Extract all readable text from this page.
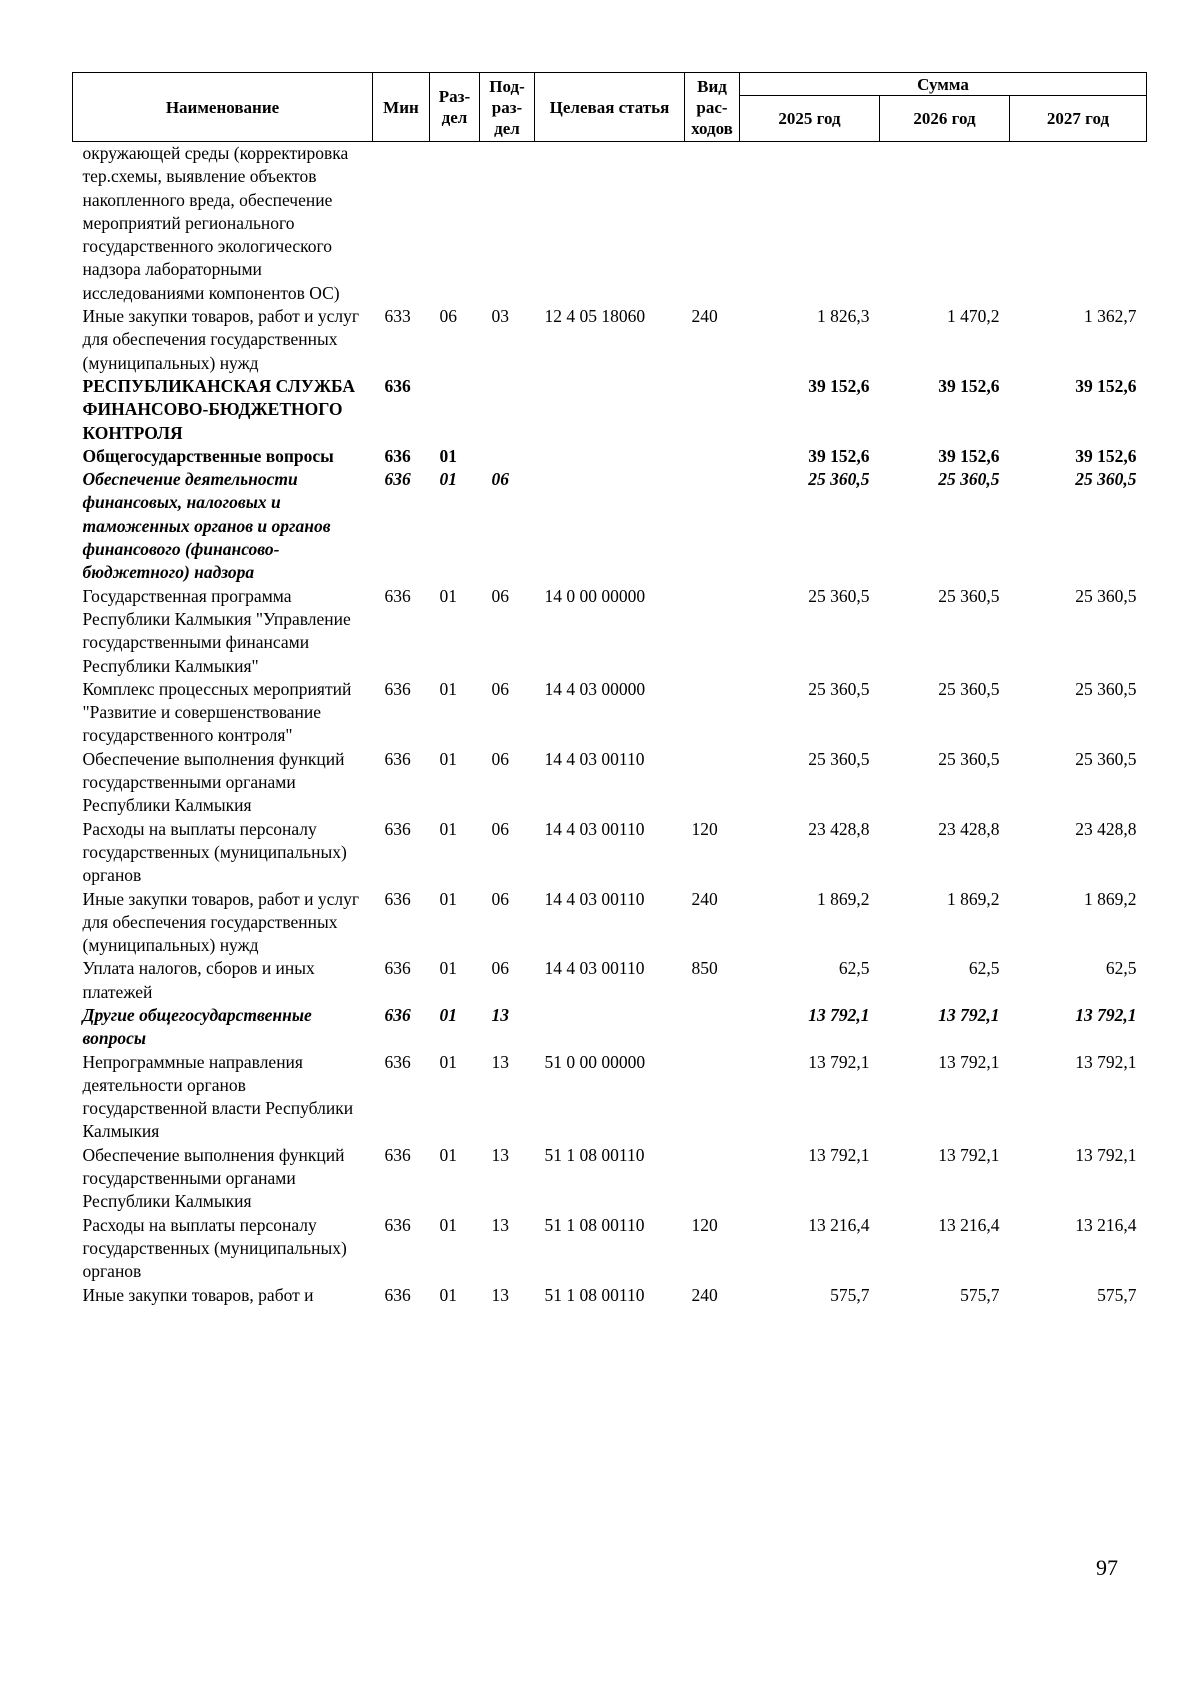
Наименование	Мин	Раз-дел	Под-раз-дел	Целевая статья	Вид рас-ходов	Сумма		
						2025 год	2026 год	2027 год
окружающей среды (корректировка тер.схемы, выявление объектов накопленного вреда, обеспечение мероприятий регионального государственного экологического надзора лабораторными исследованиями компонентов ОС)								
Иные закупки товаров, работ и услуг для обеспечения государственных (муниципальных) нужд	633	06	03	12 4 05 18060	240	1 826,3	1 470,2	1 362,7
РЕСПУБЛИКАНСКАЯ СЛУЖБА ФИНАНСОВО-БЮДЖЕТНОГО КОНТРОЛЯ	636					39 152,6	39 152,6	39 152,6
Общегосударственные вопросы	636	01				39 152,6	39 152,6	39 152,6
Обеспечение деятельности финансовых, налоговых и таможенных органов и органов финансового (финансово-бюджетного) надзора	636	01	06			25 360,5	25 360,5	25 360,5
Государственная программа Республики Калмыкия "Управление государственными финансами Республики Калмыкия"	636	01	06	14 0 00 00000		25 360,5	25 360,5	25 360,5
Комплекс процессных мероприятий "Развитие и совершенствование государственного контроля"	636	01	06	14 4 03 00000		25 360,5	25 360,5	25 360,5
Обеспечение выполнения функций государственными органами Республики Калмыкия	636	01	06	14 4 03 00110		25 360,5	25 360,5	25 360,5
Расходы на выплаты персоналу государственных (муниципальных) органов	636	01	06	14 4 03 00110	120	23 428,8	23 428,8	23 428,8
Иные закупки товаров, работ и услуг для обеспечения государственных (муниципальных) нужд	636	01	06	14 4 03 00110	240	1 869,2	1 869,2	1 869,2
Уплата налогов, сборов и иных платежей	636	01	06	14 4 03 00110	850	62,5	62,5	62,5
Другие общегосударственные вопросы	636	01	13			13 792,1	13 792,1	13 792,1
Непрограммные направления деятельности органов государственной власти Республики Калмыкия	636	01	13	51 0 00 00000		13 792,1	13 792,1	13 792,1
Обеспечение выполнения функций государственными органами Республики Калмыкия	636	01	13	51 1 08 00110		13 792,1	13 792,1	13 792,1
Расходы на выплаты персоналу государственных (муниципальных) органов	636	01	13	51 1 08 00110	120	13 216,4	13 216,4	13 216,4
Иные закупки товаров, работ и	636	01	13	51 1 08 00110	240	575,7	575,7	575,7
97
